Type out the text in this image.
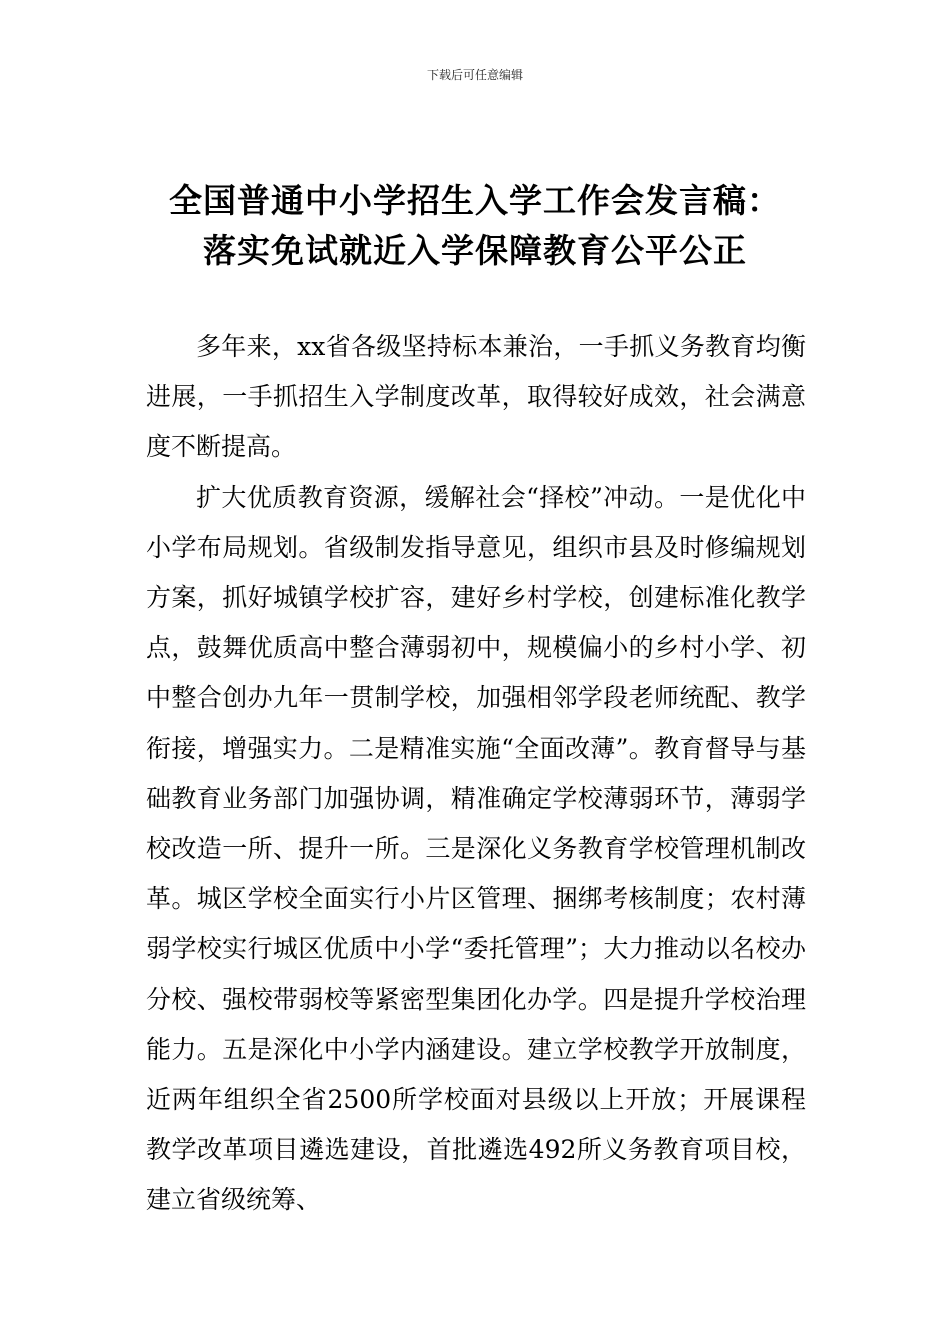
下载后可任意编辑
全国普通中小学招生入学工作会发言稿：
落实免试就近入学保障教育公平公正

多年来，xx省各级坚持标本兼治，一手抓义务教育均衡进展，一手抓招生入学制度改革，取得较好成效，社会满意度不断提高。

扩大优质教育资源，缓解社会“择校”冲动。一是优化中小学布局规划。省级制发指导意见，组织市县及时修编规划方案，抓好城镇学校扩容，建好乡村学校，创建标准化教学点，鼓舞优质高中整合薄弱初中，规模偏小的乡村小学、初中整合创办九年一贯制学校，加强相邻学段老师统配、教学衔接，增强实力。二是精准实施“全面改薄”。教育督导与基础教育业务部门加强协调，精准确定学校薄弱环节，薄弱学校改造一所、提升一所。三是深化义务教育学校管理机制改革。城区学校全面实行小片区管理、捆绑考核制度；农村薄弱学校实行城区优质中小学“委托管理”；大力推动以名校办分校、强校带弱校等紧密型集团化办学。四是提升学校治理能力。五是深化中小学内涵建设。建立学校教学开放制度，近两年组织全省2500所学校面对县级以上开放；开展课程教学改革项目遴选建设，首批遴选492所义务教育项目校，建立省级统筹、
